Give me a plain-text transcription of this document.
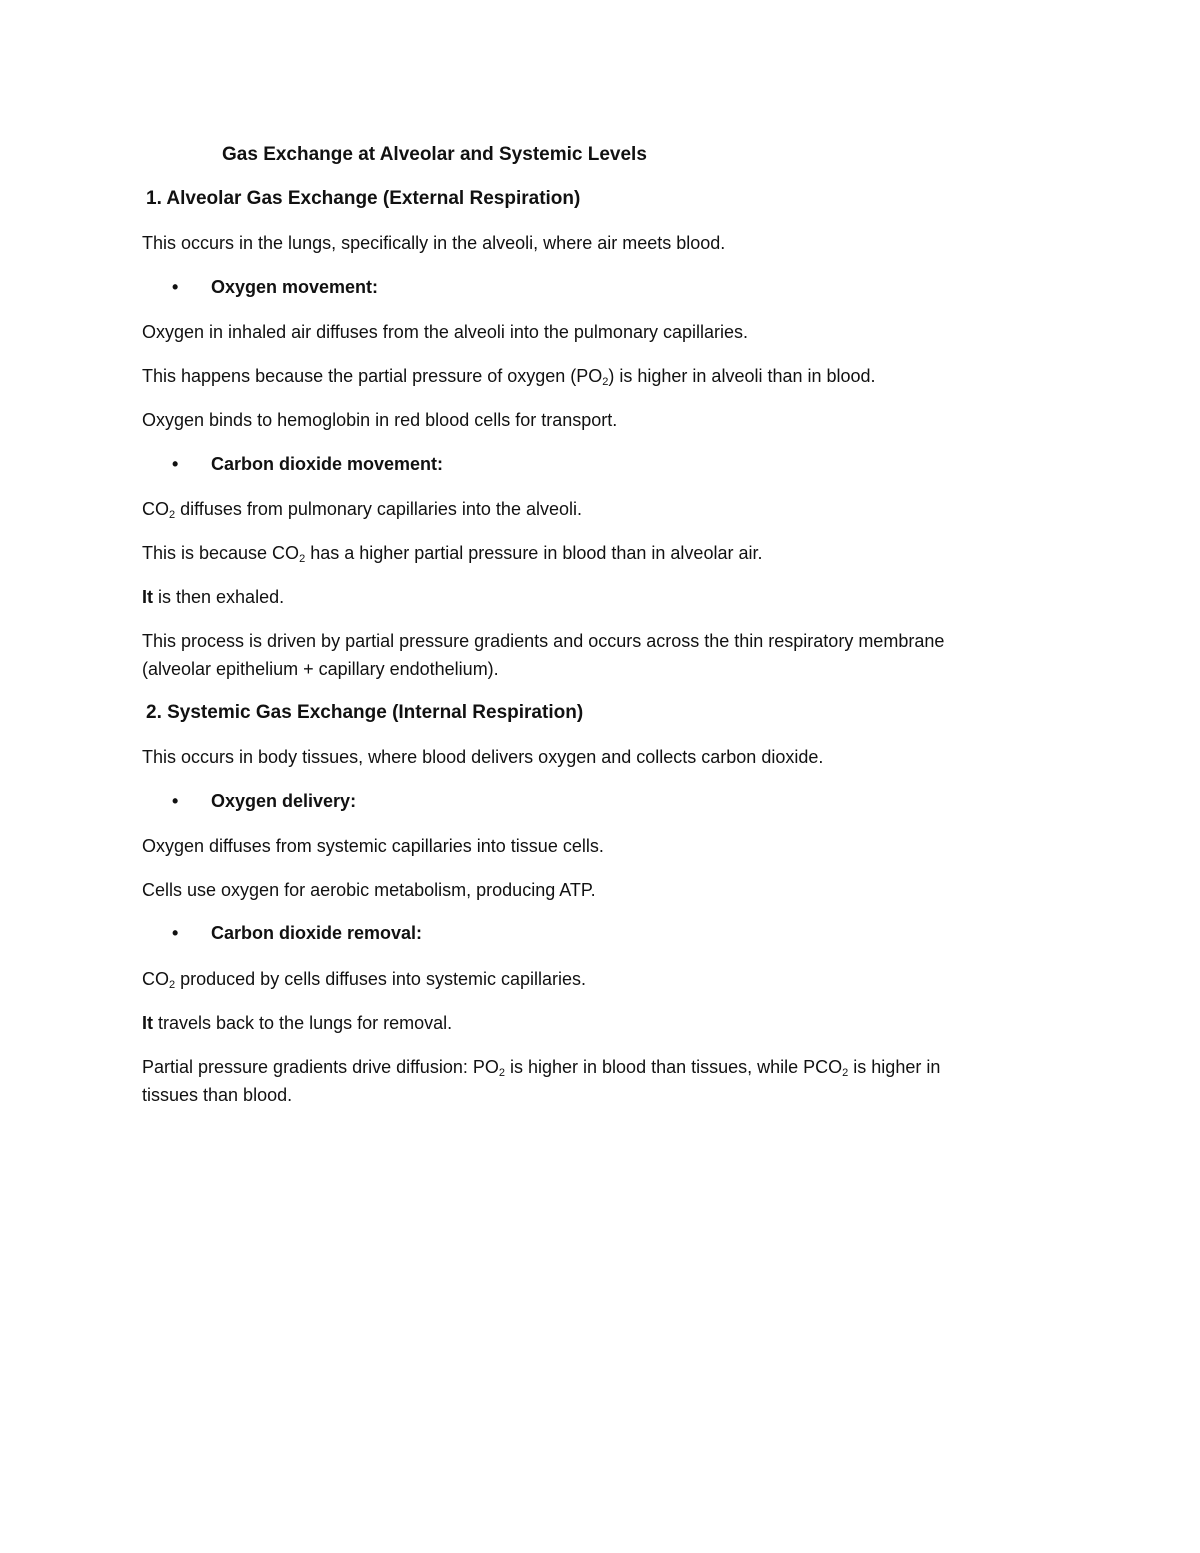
Gas Exchange at Alveolar and Systemic Levels
1. Alveolar Gas Exchange (External Respiration)
This occurs in the lungs, specifically in the alveoli, where air meets blood.
• Oxygen movement:
Oxygen in inhaled air diffuses from the alveoli into the pulmonary capillaries.
This happens because the partial pressure of oxygen $(PO_2)$ is higher in alveoli than in blood.
Oxygen binds to hemoglobin in red blood cells for transport.
• Carbon dioxide movement:
$CO_2$ diffuses from pulmonary capillaries into the alveoli.
This is because $CO_2$ has a higher partial pressure in blood than in alveolar air.
It is then exhaled.
This process is driven by partial pressure gradients and occurs across the thin respiratory membrane
(alveolar epithelium + capillary endothelium).
2. Systemic Gas Exchange (Internal Respiration)
This occurs in body tissues, where blood delivers oxygen and collects carbon dioxide.
• Oxygen delivery:
Oxygen diffuses from systemic capillaries into tissue cells.
Cells use oxygen for aerobic metabolism, producing ATP.
• Carbon dioxide removal:
$CO_2$ produced by cells diffuses into systemic capillaries.
It travels back to the lungs for removal.
Partial pressure gradients drive diffusion: $PO_2$ is higher in blood than tissues, while $PCO_2$ is higher in
tissues than blood.
